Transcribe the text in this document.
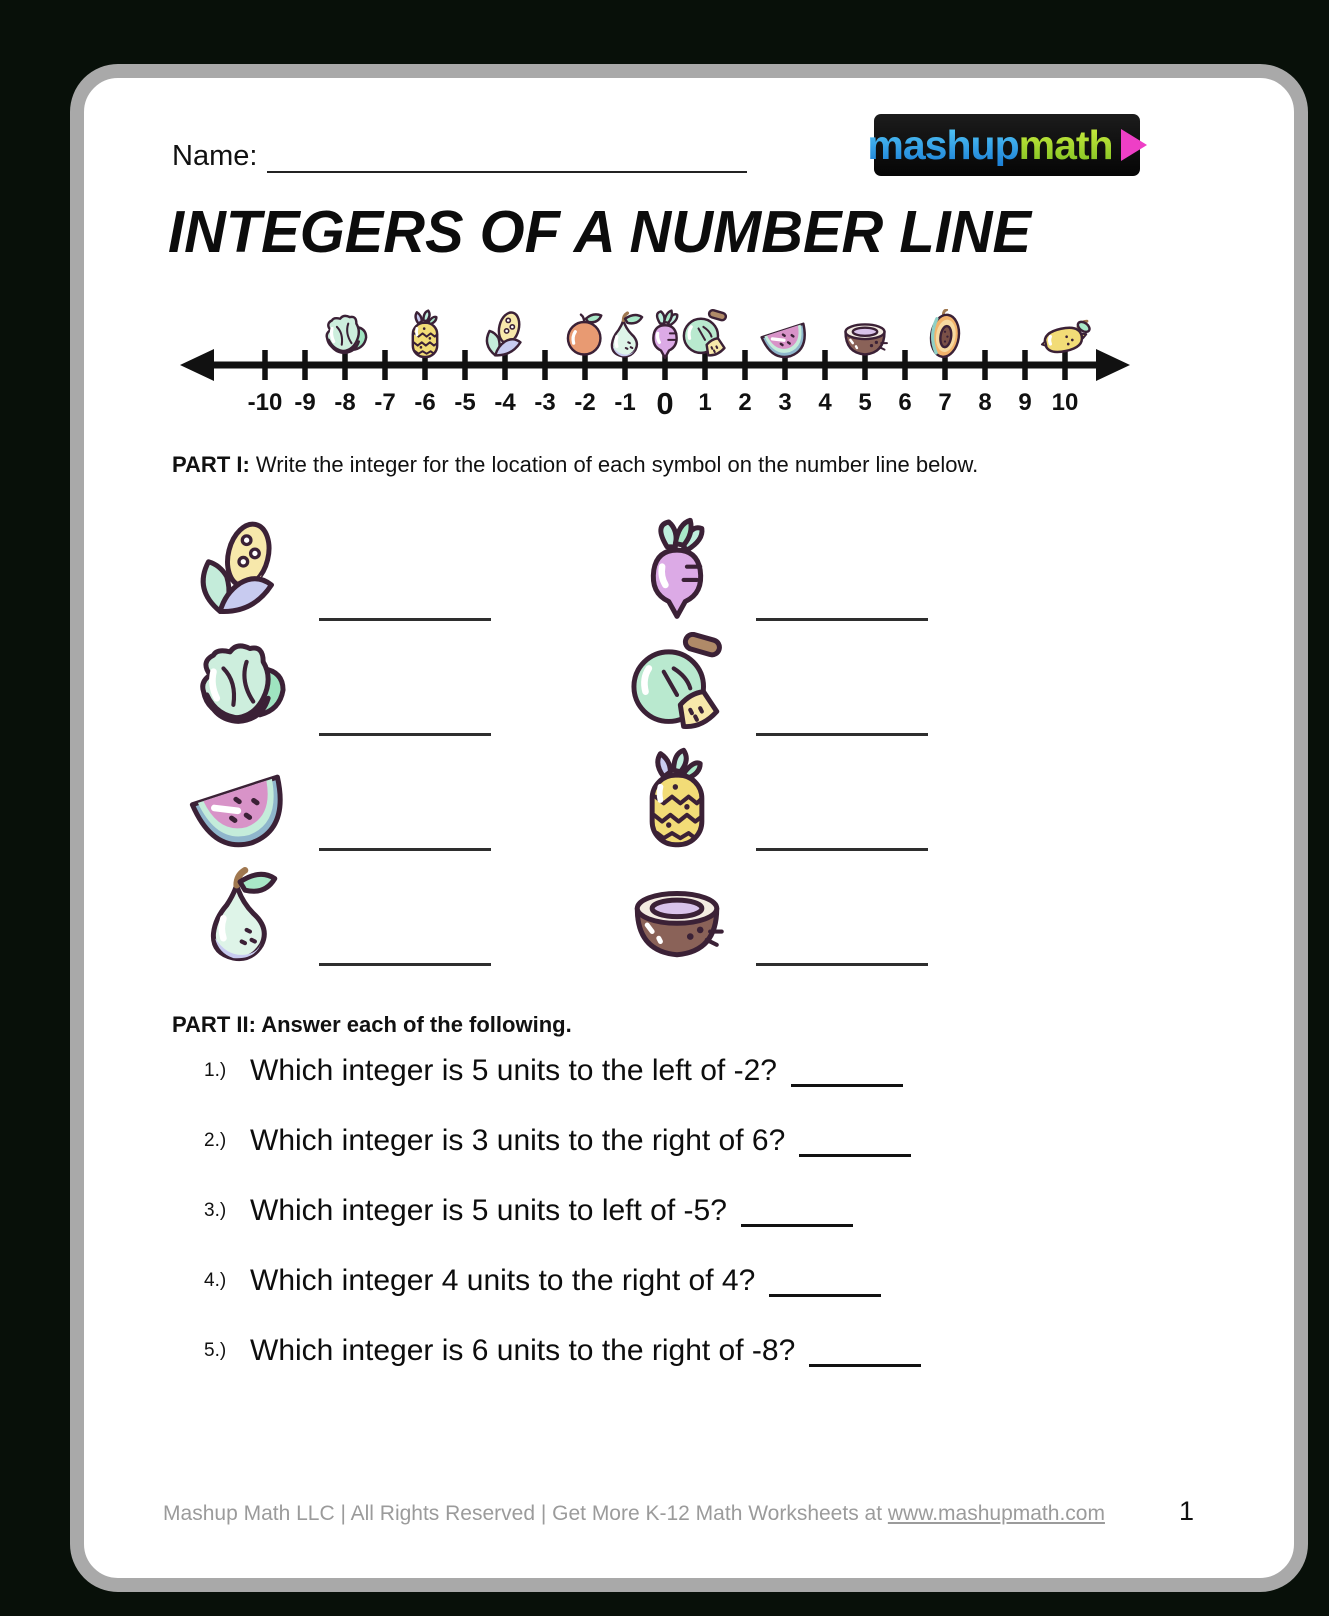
Name:	mashup math
INTEGERS OF A NUMBER LINE
-10 -9 -8 -7 -6 -5 -4 -3 -2 -1 0 1 2 3 4 5 6 7 8 9 10
PART I: Write the integer for the location of each symbol on the number line below.
PART II: Answer each of the following.
1.) Which integer is 5 units to the left of -2?
2.) Which integer is 3 units to the right of 6?
3.) Which integer is 5 units to left of -5?
4.) Which integer 4 units to the right of 4?
5.) Which integer is 6 units to the right of -8?
Mashup Math LLC | All Rights Reserved | Get More K-12 Math Worksheets at www.mashupmath.com	1
